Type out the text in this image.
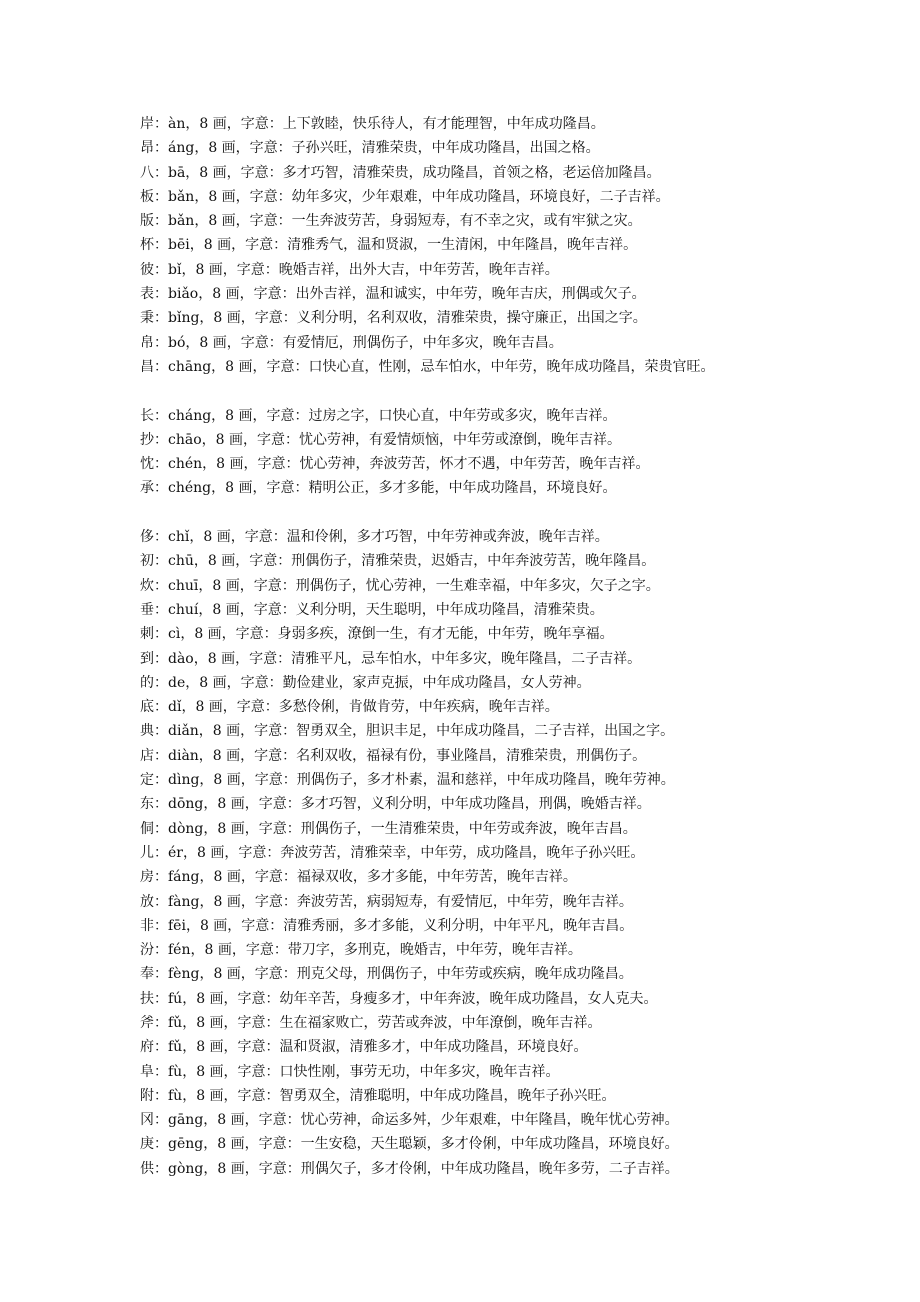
岸：àn，8 画，字意：上下敦睦，快乐待人，有才能理智，中年成功隆昌。
昂：áng，8 画，字意：子孙兴旺，清雅荣贵，中年成功隆昌，出国之格。
八：bā，8 画，字意：多才巧智，清雅荣贵，成功隆昌，首领之格，老运倍加隆昌。
板：bǎn，8 画，字意：幼年多灾，少年艰难，中年成功隆昌，环境良好，二子吉祥。
版：bǎn，8 画，字意：一生奔波劳苦，身弱短寿，有不幸之灾，或有牢狱之灾。
杯：bēi，8 画，字意：清雅秀气，温和贤淑，一生清闲，中年隆昌，晚年吉祥。
彼：bǐ，8 画，字意：晚婚吉祥，出外大吉，中年劳苦，晚年吉祥。
表：biǎo，8 画，字意：出外吉祥，温和诚实，中年劳，晚年吉庆，刑偶或欠子。
秉：bǐng，8 画，字意：义利分明，名利双收，清雅荣贵，操守廉正，出国之字。
帛：bó，8 画，字意：有爱情厄，刑偶伤子，中年多灾，晚年吉昌。
昌：chāng，8 画，字意：口快心直，性刚，忌车怕水，中年劳，晚年成功隆昌，荣贵官旺。
长：cháng，8 画，字意：过房之字，口快心直，中年劳或多灾，晚年吉祥。
抄：chāo，8 画，字意：忧心劳神，有爱情烦恼，中年劳或潦倒，晚年吉祥。
忱：chén，8 画，字意：忧心劳神，奔波劳苦，怀才不遇，中年劳苦，晚年吉祥。
承：chéng，8 画，字意：精明公正，多才多能，中年成功隆昌，环境良好。
侈：chǐ，8 画，字意：温和伶俐，多才巧智，中年劳神或奔波，晚年吉祥。
初：chū，8 画，字意：刑偶伤子，清雅荣贵，迟婚吉，中年奔波劳苦，晚年隆昌。
炊：chuī，8 画，字意：刑偶伤子，忧心劳神，一生难幸福，中年多灾，欠子之字。
垂：chuí，8 画，字意：义利分明，天生聪明，中年成功隆昌，清雅荣贵。
刺：cì，8 画，字意：身弱多疾，潦倒一生，有才无能，中年劳，晚年享福。
到：dào，8 画，字意：清雅平凡，忌车怕水，中年多灾，晚年隆昌，二子吉祥。
的：de，8 画，字意：勤俭建业，家声克振，中年成功隆昌，女人劳神。
底：dǐ，8 画，字意：多愁伶俐，肯做肯劳，中年疾病，晚年吉祥。
典：diǎn，8 画，字意：智勇双全，胆识丰足，中年成功隆昌，二子吉祥，出国之字。
店：diàn，8 画，字意：名利双收，福禄有份，事业隆昌，清雅荣贵，刑偶伤子。
定：dìng，8 画，字意：刑偶伤子，多才朴素，温和慈祥，中年成功隆昌，晚年劳神。
东：dōng，8 画，字意：多才巧智，义利分明，中年成功隆昌，刑偶，晚婚吉祥。
侗：dòng，8 画，字意：刑偶伤子，一生清雅荣贵，中年劳或奔波，晚年吉昌。
儿：ér，8 画，字意：奔波劳苦，清雅荣幸，中年劳，成功隆昌，晚年子孙兴旺。
房：fáng，8 画，字意：福禄双收，多才多能，中年劳苦，晚年吉祥。
放：fàng，8 画，字意：奔波劳苦，病弱短寿，有爱情厄，中年劳，晚年吉祥。
非：fēi，8 画，字意：清雅秀丽，多才多能，义利分明，中年平凡，晚年吉昌。
汾：fén，8 画，字意：带刀字，多刑克，晚婚吉，中年劳，晚年吉祥。
奉：fèng，8 画，字意：刑克父母，刑偶伤子，中年劳或疾病，晚年成功隆昌。
扶：fú，8 画，字意：幼年辛苦，身瘦多才，中年奔波，晚年成功隆昌，女人克夫。
斧：fǔ，8 画，字意：生在福家败亡，劳苦或奔波，中年潦倒，晚年吉祥。
府：fǔ，8 画，字意：温和贤淑，清雅多才，中年成功隆昌，环境良好。
阜：fù，8 画，字意：口快性刚，事劳无功，中年多灾，晚年吉祥。
附：fù，8 画，字意：智勇双全，清雅聪明，中年成功隆昌，晚年子孙兴旺。
冈：gāng，8 画，字意：忧心劳神，命运多舛，少年艰难，中年隆昌，晚年忧心劳神。
庚：gēng，8 画，字意：一生安稳，天生聪颖，多才伶俐，中年成功隆昌，环境良好。
供：gòng，8 画，字意：刑偶欠子，多才伶俐，中年成功隆昌，晚年多劳，二子吉祥。
